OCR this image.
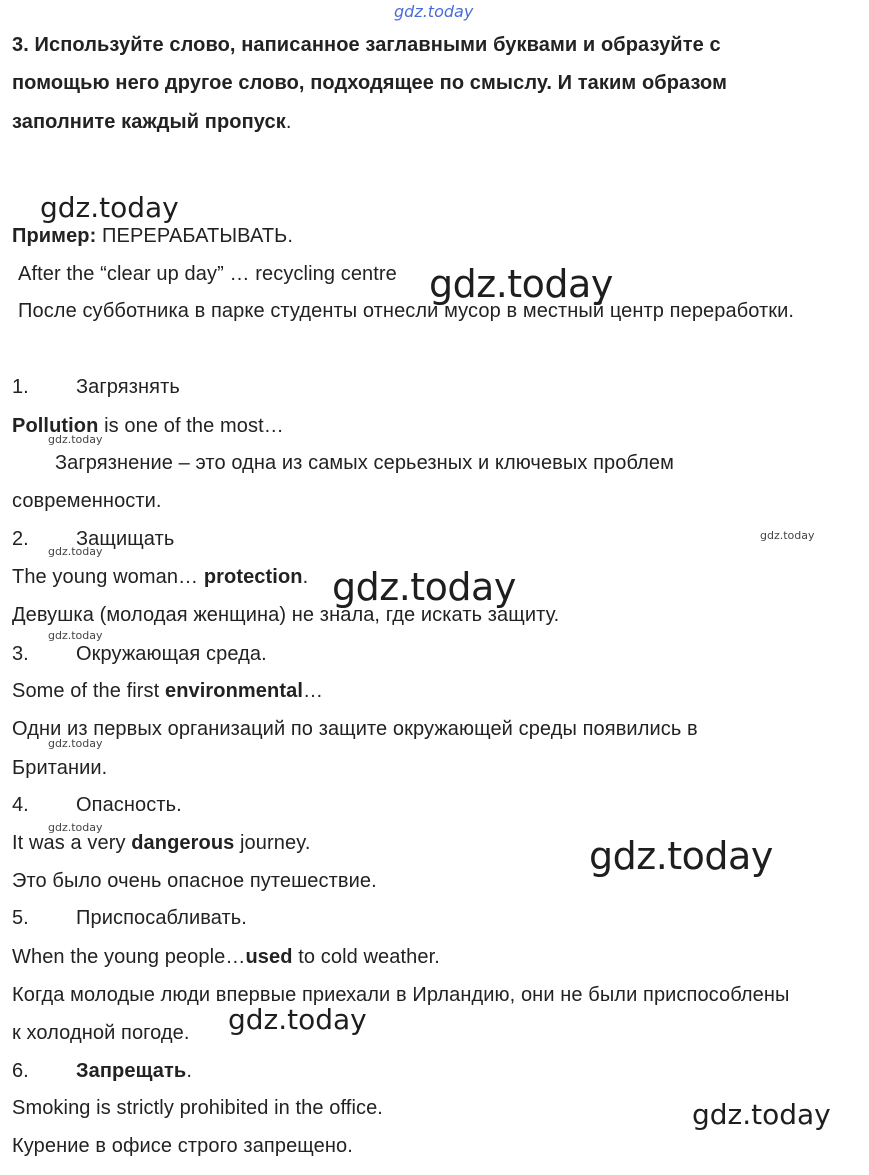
gdz.today
3. Используйте слово, написанное заглавными буквами и образуйте с
помощью него другое слово, подходящее по смыслу. И таким образом
заполните каждый пропуск.
gdz.today
Пример: ПЕРЕРАБАТЫВАТЬ.
After the “clear up day” … recycling centre gdz.today
После субботника в парке студенты отнесли мусор в местный центр переработки.
1. Загрязнять
Pollution is one of the most…
gdz.today
Загрязнение – это одна из самых серьезных и ключевых проблем
современности.
2. Защищать	gdz.today
gdz.today
The young woman… protection. gdz.today
Девушка (молодая женщина) не знала, где искать защиту.
gdz.today
3. Окружающая среда.
Some of the first environmental…
Одни из первых организаций по защите окружающей среды появились в
gdz.today
Британии.
4. Опасность.
gdz.today
It was a very dangerous journey.	gdz.today
Это было очень опасное путешествие.
5. Приспосабливать.
When the young people…used to cold weather.
Когда молодые люди впервые приехали в Ирландию, они не были приспособлены
к холодной погоде. gdz.today
6. Запрещать.
Smoking is strictly prohibited in the office.	gdz.today
Курение в офисе строго запрещено.
